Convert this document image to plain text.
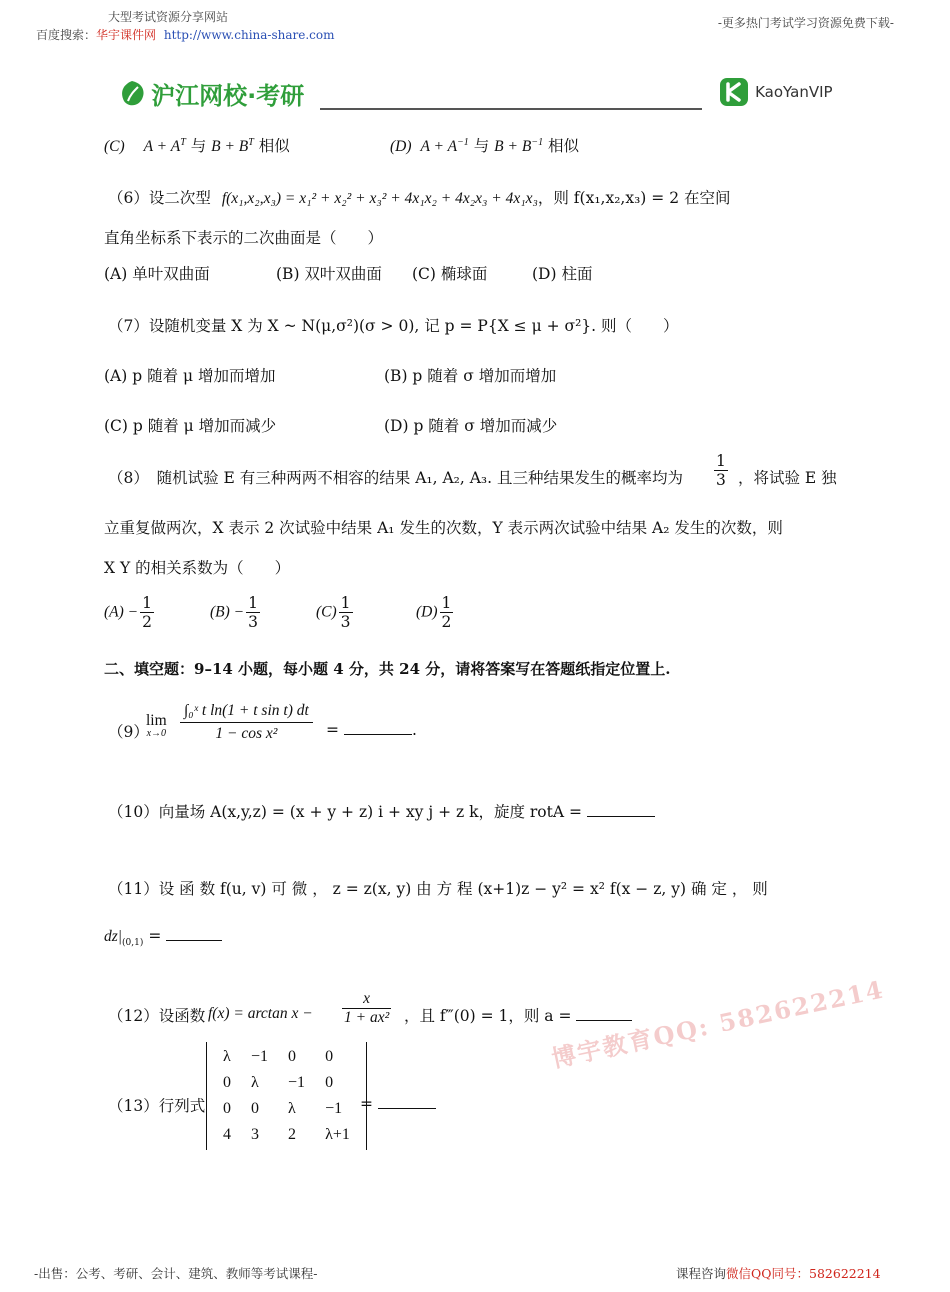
大型考试资源分享网站
百度搜索：华宇课件网 http://www.china-share.com
-更多热门考试学习资源免费下载-
沪江网校·考研	KaoYanVIP
(C) $A + A^T$ 与 $B + B^T$ 相似	(D) $A + A^{-1}$ 与 $B + B^{-1}$ 相似
（6）设二次型 f(x₁,x₂,x₃) = x₁² + x₂² + x₃² + 4x₁x₂ + 4x₂x₃ + 4x₁x₃，则 f(x₁,x₂,x₃) = 2 在空间
直角坐标系下表示的二次曲面是（　　）
(A) 单叶双曲面	(B) 双叶双曲面 (C) 椭球面	(D) 柱面
（7）设随机变量 X 为 X ~ N(μ,σ²)(σ > 0), 记 p = P{X ≤ μ + σ²}. 则（　　）
(A) p 随着 μ 增加而增加	(B) p 随着 σ 增加而增加
(C) p 随着 μ 增加而减少	(D) p 随着 σ 增加而减少
（8）　随机试验 E 有三种两两不相容的结果 A₁, A₂, A₃. 且三种结果发生的概率均为 $\frac{1}{3}$ ，将试验 E 独
立重复做两次，X 表示 2 次试验中结果 A₁ 发生的次数，Y 表示两次试验中结果 A₂ 发生的次数，则
X Y 的相关系数为（　　）
$(A) - \frac{1}{2}$	$(B) - \frac{1}{3}$	$(C) \frac{1}{3}$	$(D) \frac{1}{2}$
二、填空题：9–14 小题，每小题 4 分，共 24 分，请将答案写在答题纸指定位置上.
（9）
lim
$x\to 0 \frac{\text{∫₀ˣ t ln(1 + t sin t) dt}}{\text{1 − cos x²}}$ =	.
（10）向量场 A(x,y,z) = (x + y + z) i + xy j + z k，旋度 rotA =
（11）设 函 数 f(u, v) 可 微 ， z = z(x, y) 由 方 程 (x+1)z − y² = x² f(x − z, y) 确 定 ， 则
$dz|_{(0,1)}$ =
（12）设函数 $f(x) = \arctan x - \frac{x}{\text{1 + ax²}}$ ，且 f‴(0) = 1，则 a =
博宇教育QQ: 582622214
（13）行列式
λ	−1	0	0
0	λ	−1	0
0	0	λ	−1
4	3	2	λ+1
=
-出售：公考、考研、会计、建筑、教师等考试课程-	课程咨询微信QQ同号：582622214
